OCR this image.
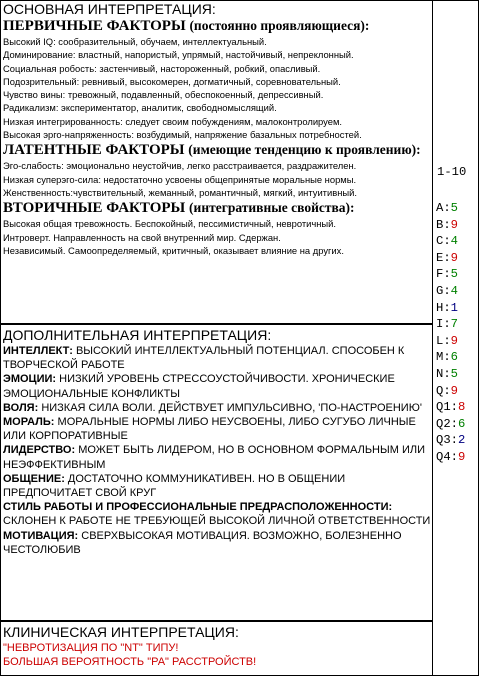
ОСНОВНАЯ ИНТЕРПРЕТАЦИЯ:
ПЕРВИЧНЫЕ ФАКТОРЫ (постоянно проявляющиеся):
Высокий IQ: сообразительный, обучаем, интеллектуальный.
Доминирование: властный, напористый, упрямый, настойчивый, непреклонный.
Социальная робость: застенчивый, настороженный, робкий, опасливый.
Подозрительный: ревнивый, высокомерен, догматичный, соревновательный.
Чувство вины: тревожный, подавленный, обеспокоенный, депрессивный.
Радикализм: экспериментатор, аналитик, свободномыслящий.
Низкая интегрированность: следует своим побуждениям, малоконтролируем.
Высокая эрго-напряженность: возбудимый, напряжение базальных потребностей.
ЛАТЕНТНЫЕ ФАКТОРЫ (имеющие тенденцию к проявлению):
Эго-слабость: эмоционально неустойчив, легко расстраивается, раздражителен.
Низкая суперэго-сила: недостаточно усвоены общепринятые моральные нормы.
Женственность:чувствительный, жеманный, романтичный, мягкий, интуитивный.
ВТОРИЧНЫЕ ФАКТОРЫ (интегративные свойства):
Высокая общая тревожность. Беспокойный, пессимистичный, невротичный.
Интроверт. Направленность на свой внутренний мир. Сдержан.
Независимый. Самоопределяемый, критичный, оказывает влияние на других.
ДОПОЛНИТЕЛЬНАЯ ИНТЕРПРЕТАЦИЯ:
ИНТЕЛЛЕКТ: ВЫСОКИЙ ИНТЕЛЛЕКТУАЛЬНЫЙ ПОТЕНЦИАЛ. СПОСОБЕН К ТВОРЧЕСКОЙ РАБОТЕ
ЭМОЦИИ: НИЗКИЙ УРОВЕНЬ СТРЕССОУСТОЙЧИВОСТИ. ХРОНИЧЕСКИЕ ЭМОЦИОНАЛЬНЫЕ КОНФЛИКТЫ
ВОЛЯ: НИЗКАЯ СИЛА ВОЛИ. ДЕЙСТВУЕТ ИМПУЛЬСИВНО, 'ПО-НАСТРОЕНИЮ'
МОРАЛЬ: МОРАЛЬНЫЕ НОРМЫ ЛИБО НЕУСВОЕНЫ, ЛИБО СУГУБО ЛИЧНЫЕ ИЛИ КОРПОРАТИВНЫЕ
ЛИДЕРСТВО: МОЖЕТ БЫТЬ ЛИДЕРОМ, НО В ОСНОВНОМ ФОРМАЛЬНЫМ ИЛИ НЕЭФФЕКТИВНЫМ
ОБЩЕНИЕ: ДОСТАТОЧНО КОММУНИКАТИВЕН. НО В ОБЩЕНИИ ПРЕДПОЧИТАЕТ СВОЙ КРУГ
СТИЛЬ РАБОТЫ И ПРОФЕССИОНАЛЬНЫЕ ПРЕДРАСПОЛОЖЕННОСТИ:
СКЛОНЕН К РАБОТЕ НЕ ТРЕБУЮЩЕЙ ВЫСОКОЙ ЛИЧНОЙ ОТВЕТСТВЕННОСТИ
МОТИВАЦИЯ: СВЕРХВЫСОКАЯ МОТИВАЦИЯ. ВОЗМОЖНО, БОЛЕЗНЕННО ЧЕСТОЛЮБИВ
КЛИНИЧЕСКАЯ ИНТЕРПРЕТАЦИЯ:
"НЕВРОТИЗАЦИЯ ПО "NT" ТИПУ!
БОЛЬШАЯ ВЕРОЯТНОСТЬ "РА" РАССТРОЙСТВ!
1-10
A:5
B:9
C:4
E:9
F:5
G:4
H:1
I:7
L:9
M:6
N:5
Q:9
Q1:8
Q2:6
Q3:2
Q4:9
